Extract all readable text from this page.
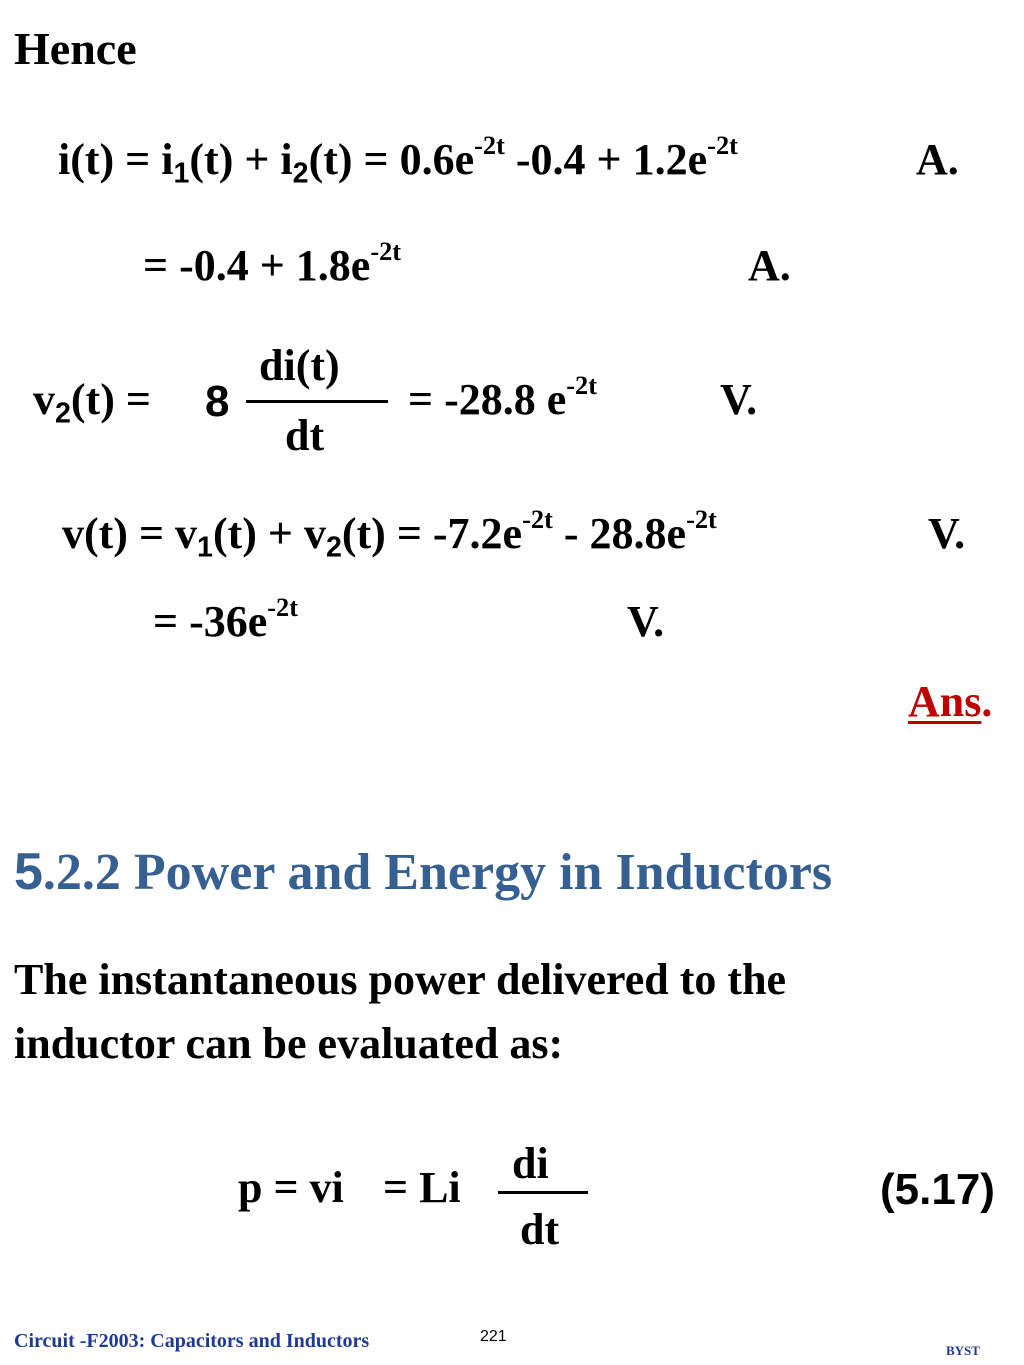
Hence
$i(t) = i_1(t) + i_2(t) = 0.6e^{-2t}$ $-0.4 + 1.2e^{-2t}$	A.
= $-0.4 + 1.8e^{-2t}$	A.
$v_2(t) = 8$
di(t)
dt
= -28.8 $e^{-2t}$	V.
$v(t) = v_1(t) + v_2(t) = -7.2e^{-2t} - 28.8e^{-2t}$	V.
= $-36e^{-2t}$	V.
Ans.
5.2.2 Power and Energy in Inductors
The instantaneous power delivered to the
inductor can be evaluated as:
p = vi = Li di
dt
(5.17)
Circuit -F2003: Capacitors and Inductors	221
BYST
